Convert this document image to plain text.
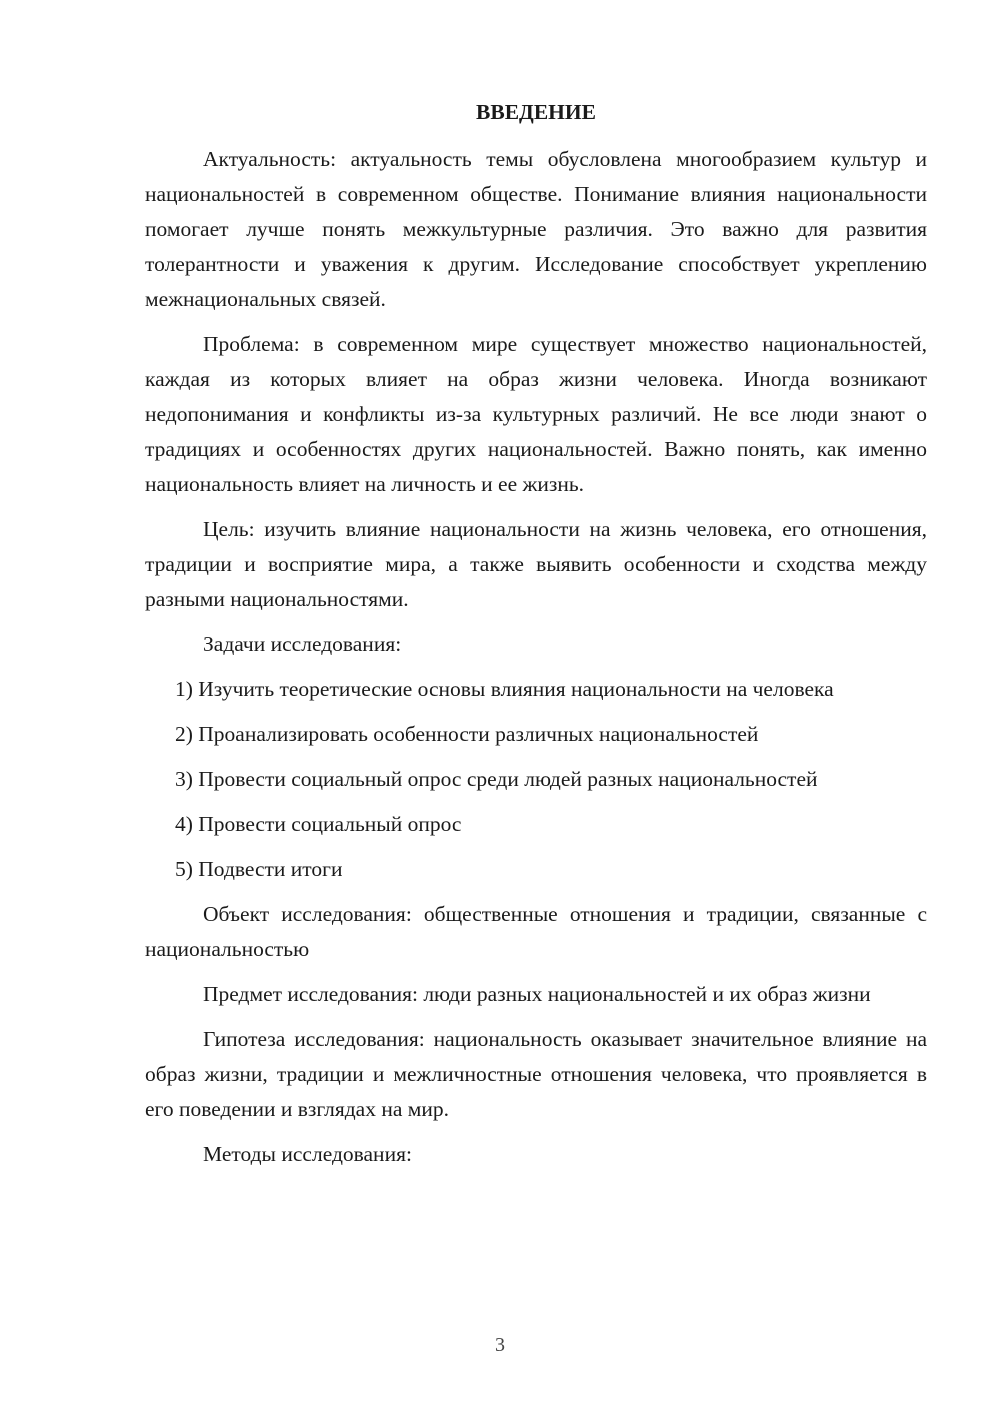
ВВЕДЕНИЕ

Актуальность: актуальность темы обусловлена многообразием культур и национальностей в современном обществе. Понимание влияния национальности помогает лучше понять межкультурные различия. Это важно для развития толерантности и уважения к другим. Исследование способствует укреплению межнациональных связей.

Проблема: в современном мире существует множество национальностей, каждая из которых влияет на образ жизни человека. Иногда возникают недопонимания и конфликты из-за культурных различий. Не все люди знают о традициях и особенностях других национальностей. Важно понять, как именно национальность влияет на личность и ее жизнь.

Цель: изучить влияние национальности на жизнь человека, его отношения, традиции и восприятие мира, а также выявить особенности и сходства между разными национальностями.

Задачи исследования:

1) Изучить теоретические основы влияния национальности на человека

2) Проанализировать особенности различных национальностей

3) Провести социальный опрос среди людей разных национальностей

4) Провести социальный опрос

5) Подвести итоги

Объект исследования: общественные отношения и традиции, связанные с национальностью

Предмет исследования: люди разных национальностей и их образ жизни

Гипотеза исследования: национальность оказывает значительное влияние на образ жизни, традиции и межличностные отношения человека, что проявляется в его поведении и взглядах на мир.

Методы исследования:

3
